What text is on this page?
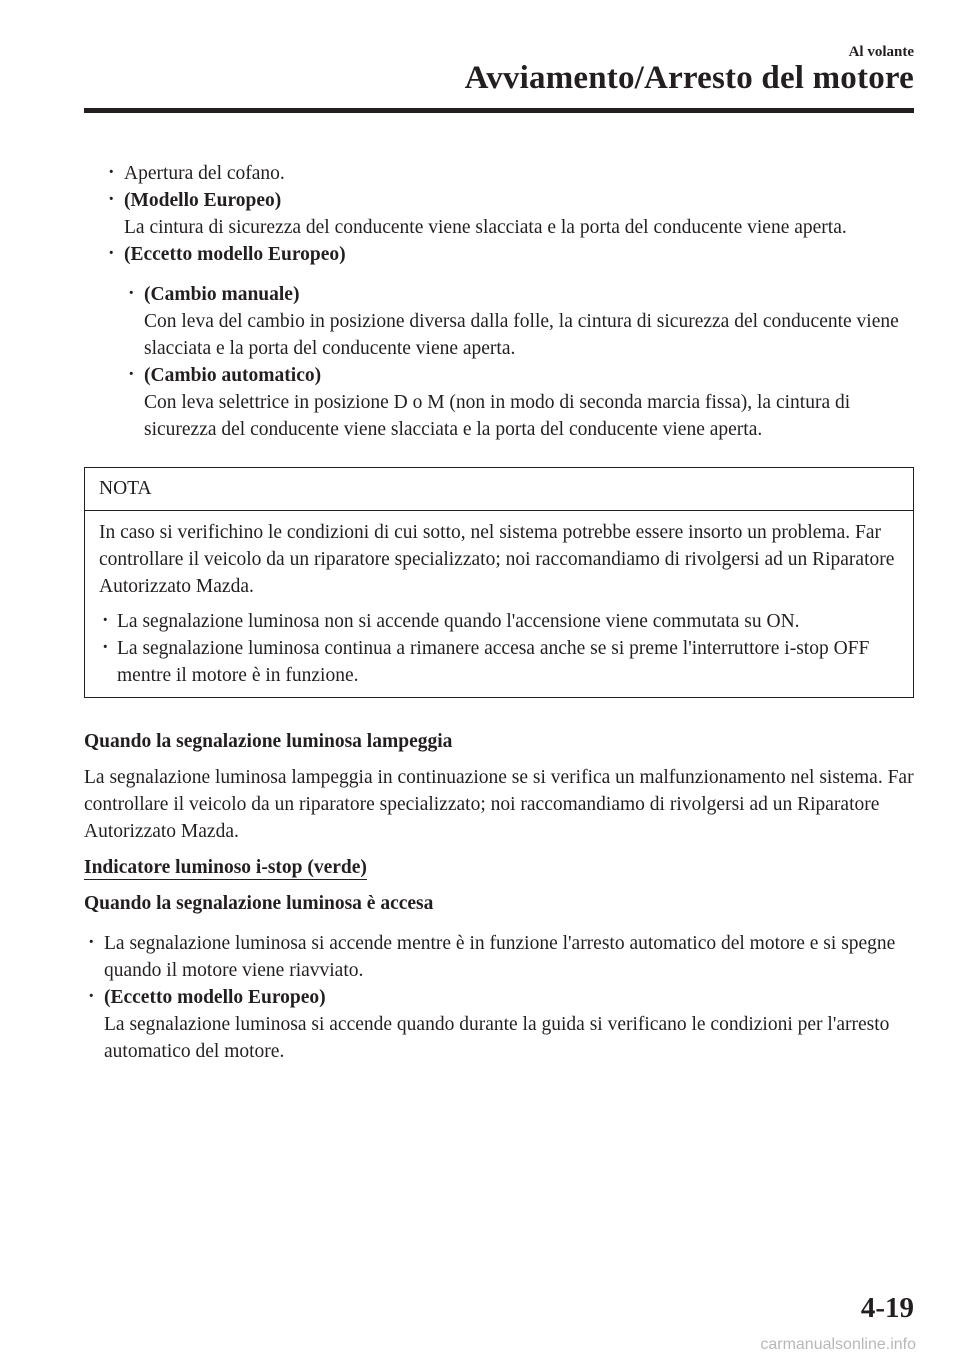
Al volante
Avviamento/Arresto del motore
· Apertura del cofano.
· (Modello Europeo)
La cintura di sicurezza del conducente viene slacciata e la porta del conducente viene aperta.
· (Eccetto modello Europeo)
· (Cambio manuale)
Con leva del cambio in posizione diversa dalla folle, la cintura di sicurezza del conducente viene slacciata e la porta del conducente viene aperta.
· (Cambio automatico)
Con leva selettrice in posizione D o M (non in modo di seconda marcia fissa), la cintura di sicurezza del conducente viene slacciata e la porta del conducente viene aperta.
NOTA

In caso si verifichino le condizioni di cui sotto, nel sistema potrebbe essere insorto un problema. Far controllare il veicolo da un riparatore specializzato; noi raccomandiamo di rivolgersi ad un Riparatore Autorizzato Mazda.

· La segnalazione luminosa non si accende quando l'accensione viene commutata su ON.
· La segnalazione luminosa continua a rimanere accesa anche se si preme l'interruttore i-stop OFF mentre il motore è in funzione.
Quando la segnalazione luminosa lampeggia
La segnalazione luminosa lampeggia in continuazione se si verifica un malfunzionamento nel sistema. Far controllare il veicolo da un riparatore specializzato; noi raccomandiamo di rivolgersi ad un Riparatore Autorizzato Mazda.
Indicatore luminoso i-stop (verde)
Quando la segnalazione luminosa è accesa
· La segnalazione luminosa si accende mentre è in funzione l'arresto automatico del motore e si spegne quando il motore viene riavviato.
· (Eccetto modello Europeo)
La segnalazione luminosa si accende quando durante la guida si verificano le condizioni per l'arresto automatico del motore.
4-19
carmanualsonline.info
